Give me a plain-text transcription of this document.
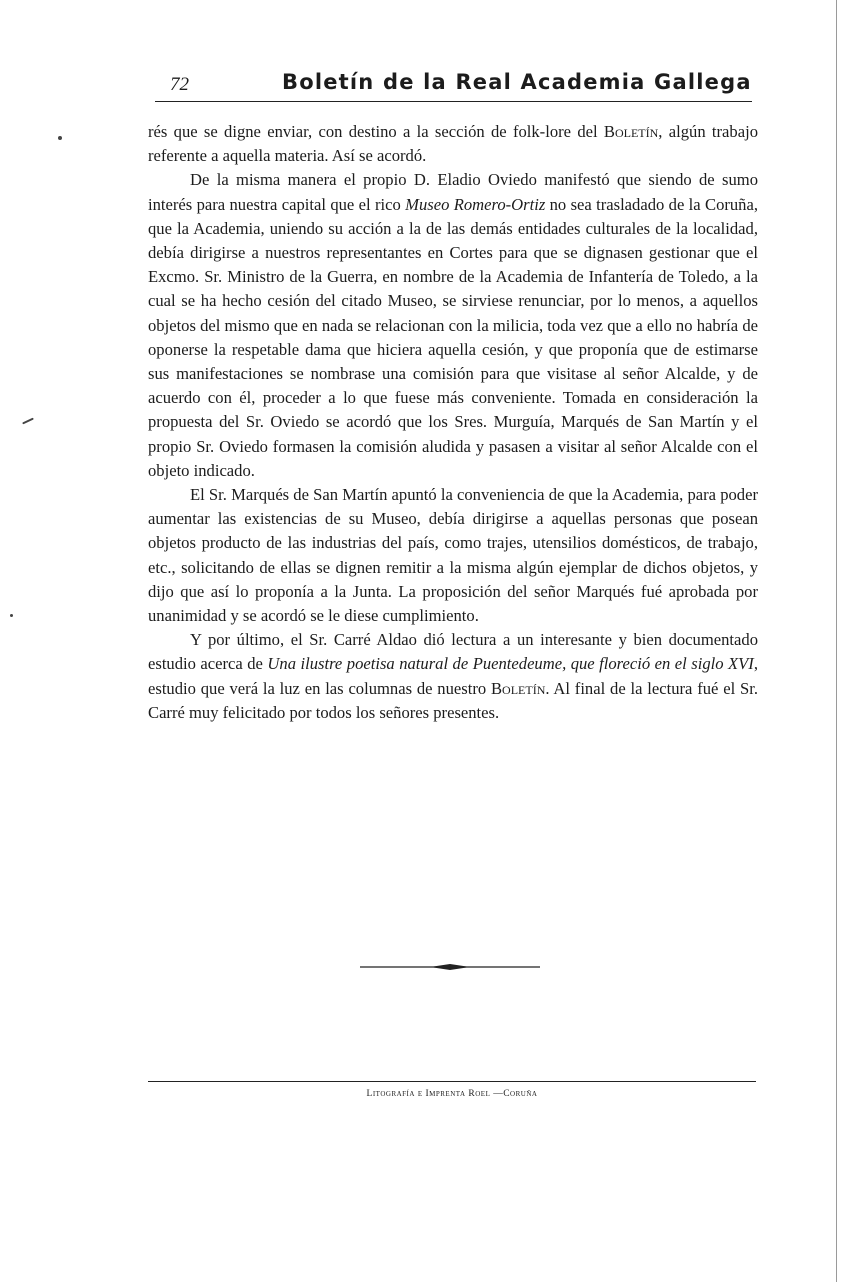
72	Boletín de la Real Academia Gallega

rés que se digne enviar, con destino a la sección de folk-lore del Boletín, algún trabajo referente a aquella materia. Así se acordó.

De la misma manera el propio D. Eladio Oviedo manifestó que siendo de sumo interés para nuestra capital que el rico Museo Romero-Ortiz no sea trasladado de la Coruña, que la Academia, uniendo su acción a la de las demás entidades culturales de la localidad, debía dirigirse a nuestros representantes en Cortes para que se dignasen gestionar que el Excmo. Sr. Ministro de la Guerra, en nombre de la Academia de Infantería de Toledo, a la cual se ha hecho cesión del citado Museo, se sirviese renunciar, por lo menos, a aquellos objetos del mismo que en nada se relacionan con la milicia, toda vez que a ello no habría de oponerse la respetable dama que hiciera aquella cesión, y que proponía que de estimarse sus manifestaciones se nombrase una comisión para que visitase al señor Alcalde, y de acuerdo con él, proceder a lo que fuese más conveniente. Tomada en consideración la propuesta del Sr. Oviedo se acordó que los Sres. Murguía, Marqués de San Martín y el propio Sr. Oviedo formasen la comisión aludida y pasasen a visitar al señor Alcalde con el objeto indicado.

El Sr. Marqués de San Martín apuntó la conveniencia de que la Academia, para poder aumentar las existencias de su Museo, debía dirigirse a aquellas personas que posean objetos producto de las industrias del país, como trajes, utensilios domésticos, de trabajo, etc., solicitando de ellas se dignen remitir a la misma algún ejemplar de dichos objetos, y dijo que así lo proponía a la Junta. La proposición del señor Marqués fué aprobada por unanimidad y se acordó se le diese cumplimiento.

Y por último, el Sr. Carré Aldao dió lectura a un interesante y bien documentado estudio acerca de Una ilustre poetisa natural de Puentedeume, que floreció en el siglo XVI, estudio que verá la luz en las columnas de nuestro Boletín. Al final de la lectura fué el Sr. Carré muy felicitado por todos los señores presentes.

Litografía e Imprenta Roel —Coruña
